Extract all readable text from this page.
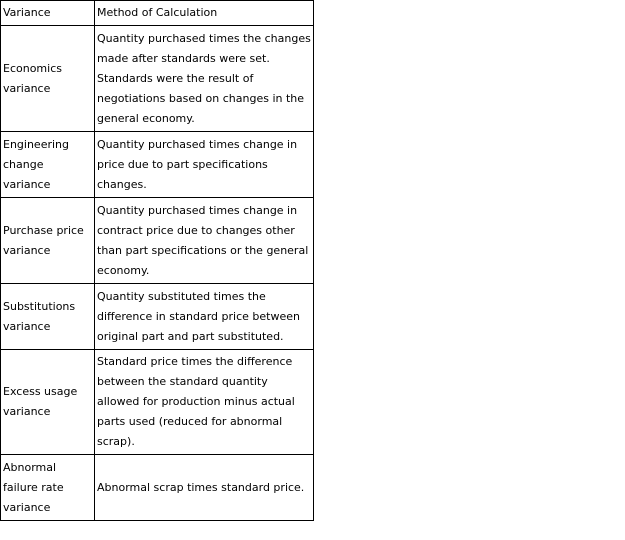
Variance	Method of Calculation
Economics variance	Quantity purchased times the changes made after standards were set. Standards were the result of negotiations based on changes in the general economy.
Engineering change variance	Quantity purchased times change in price due to part specifications changes.
Purchase price variance	Quantity purchased times change in contract price due to changes other than part specifications or the general economy.
Substitutions variance	Quantity substituted times the difference in standard price between original part and part substituted.
Excess usage variance	Standard price times the difference between the standard quantity allowed for production minus actual parts used (reduced for abnormal scrap).
Abnormal failure rate variance	Abnormal scrap times standard price.
